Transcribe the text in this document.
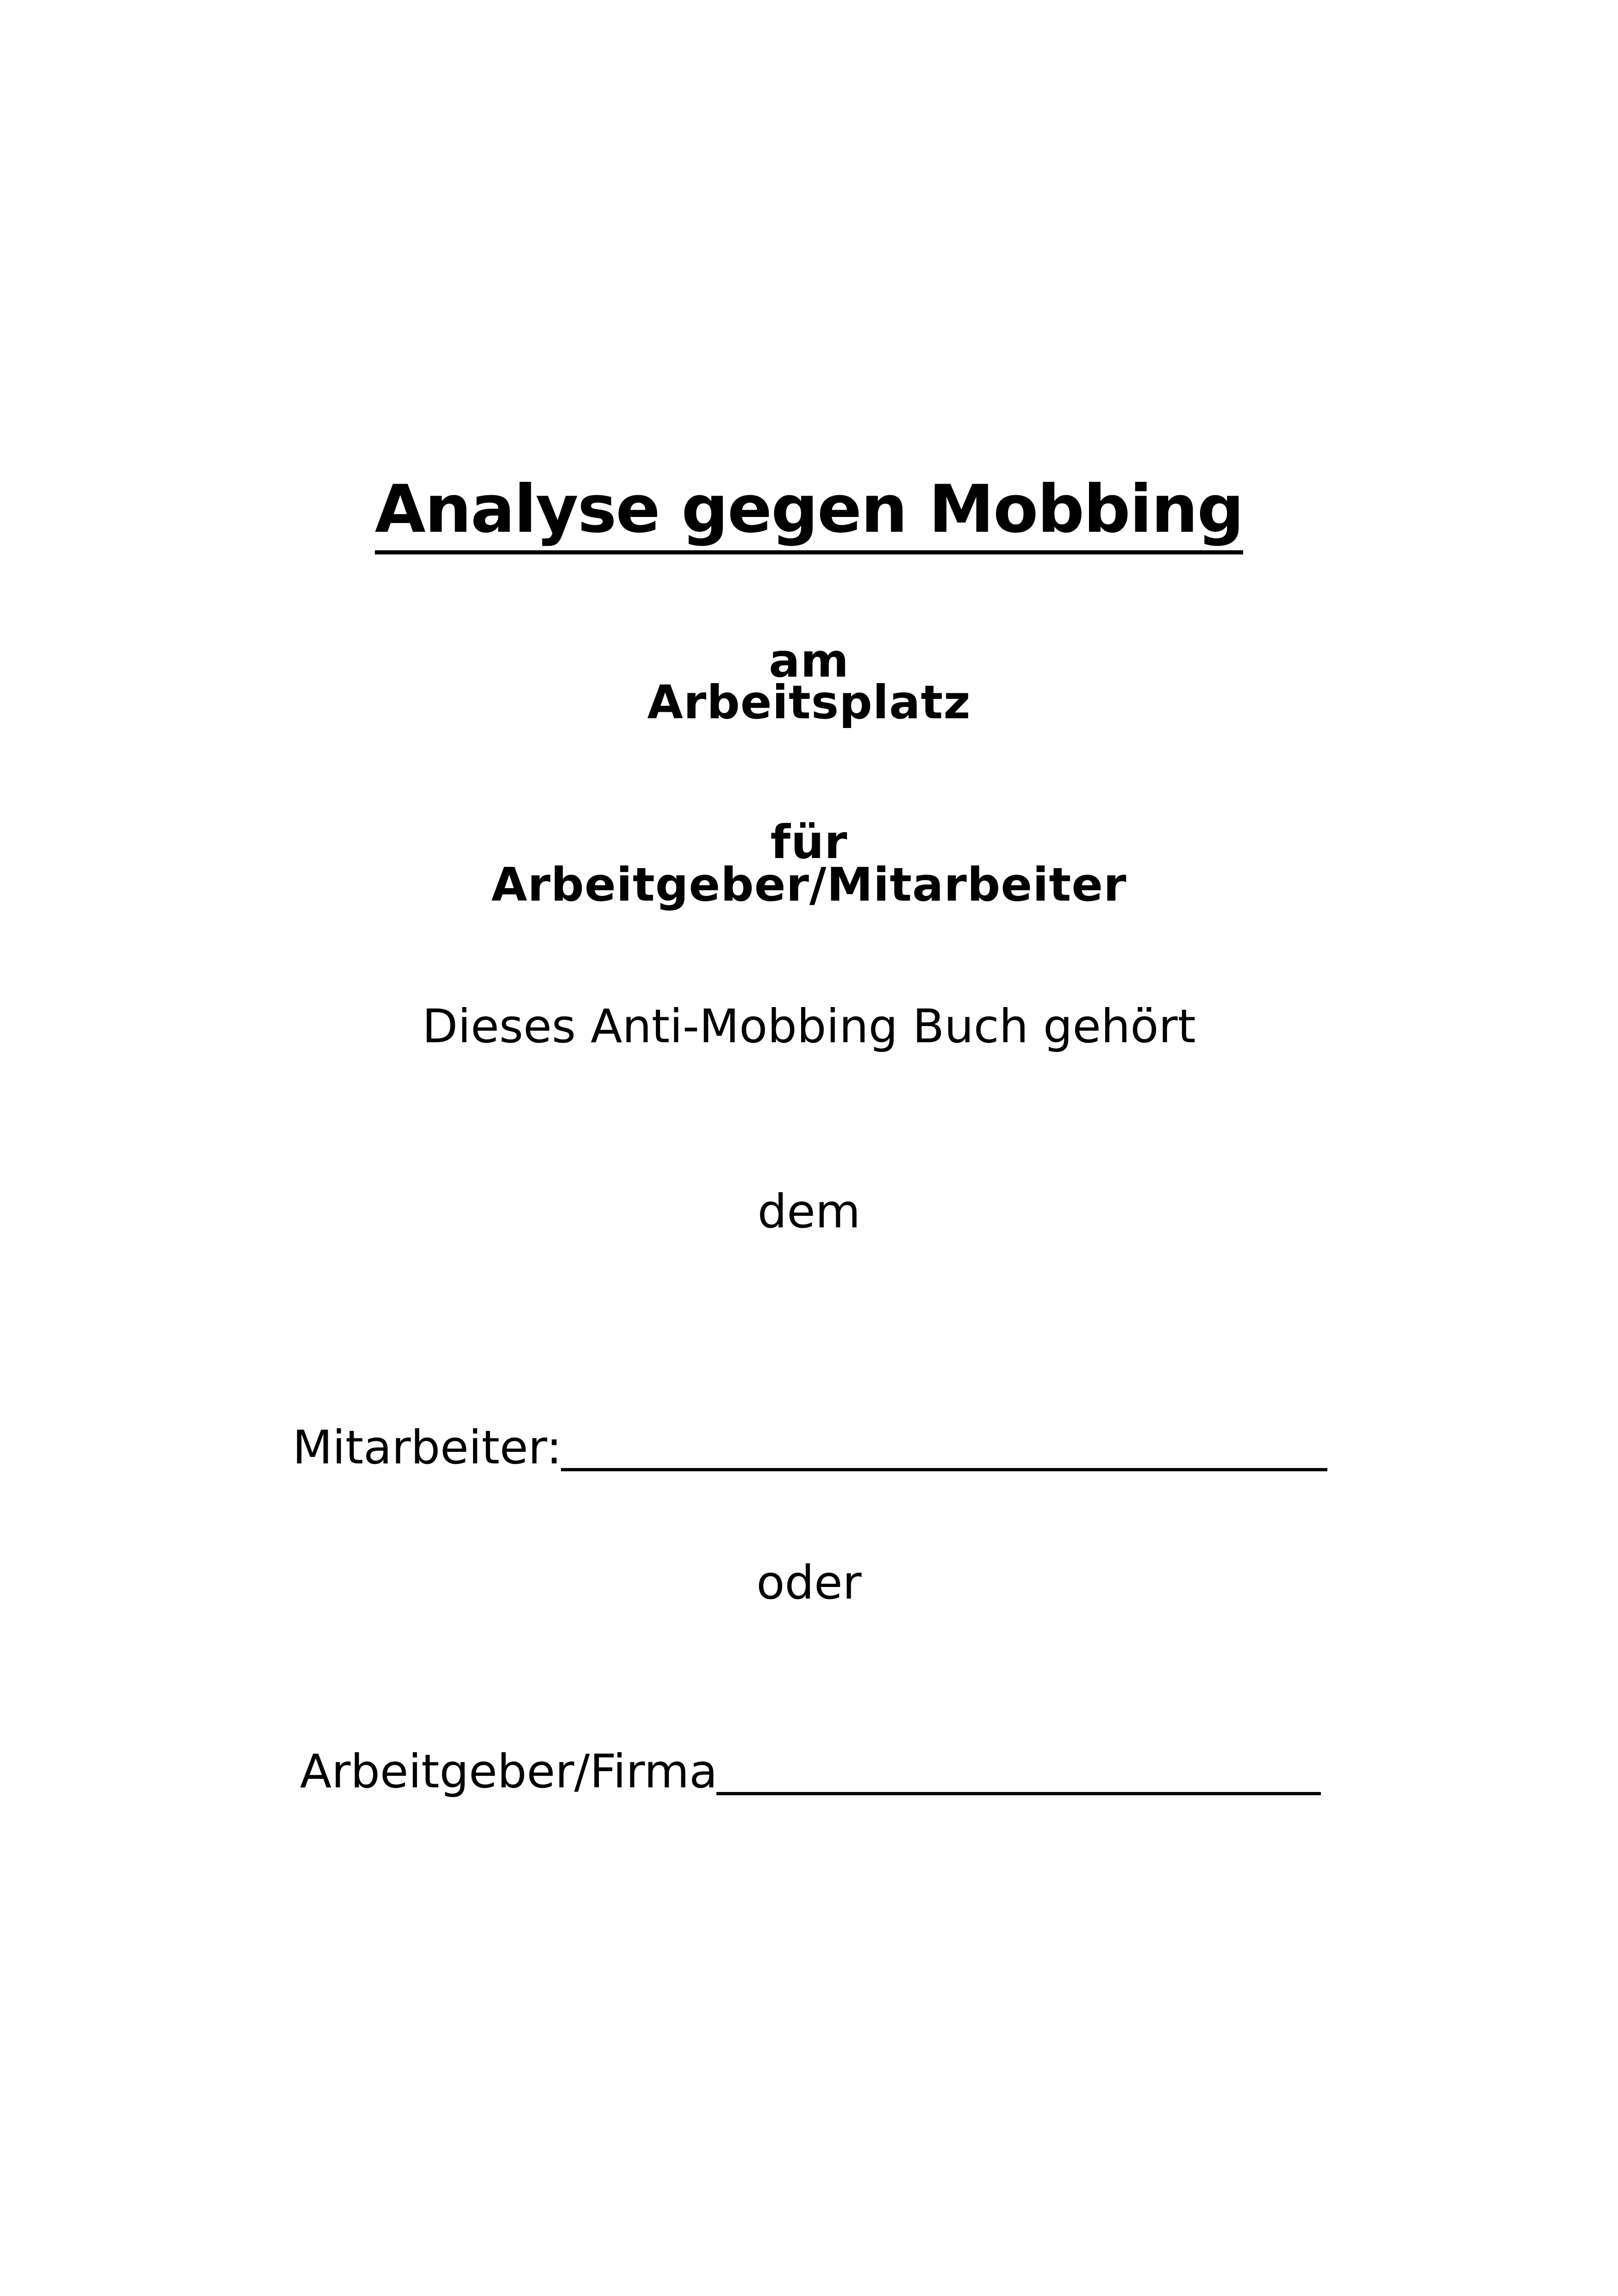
Analyse gegen Mobbing
am
Arbeitsplatz
für
Arbeitgeber/Mitarbeiter
Dieses Anti-Mobbing Buch gehört
dem
Mitarbeiter:
oder
Arbeitgeber/Firma
